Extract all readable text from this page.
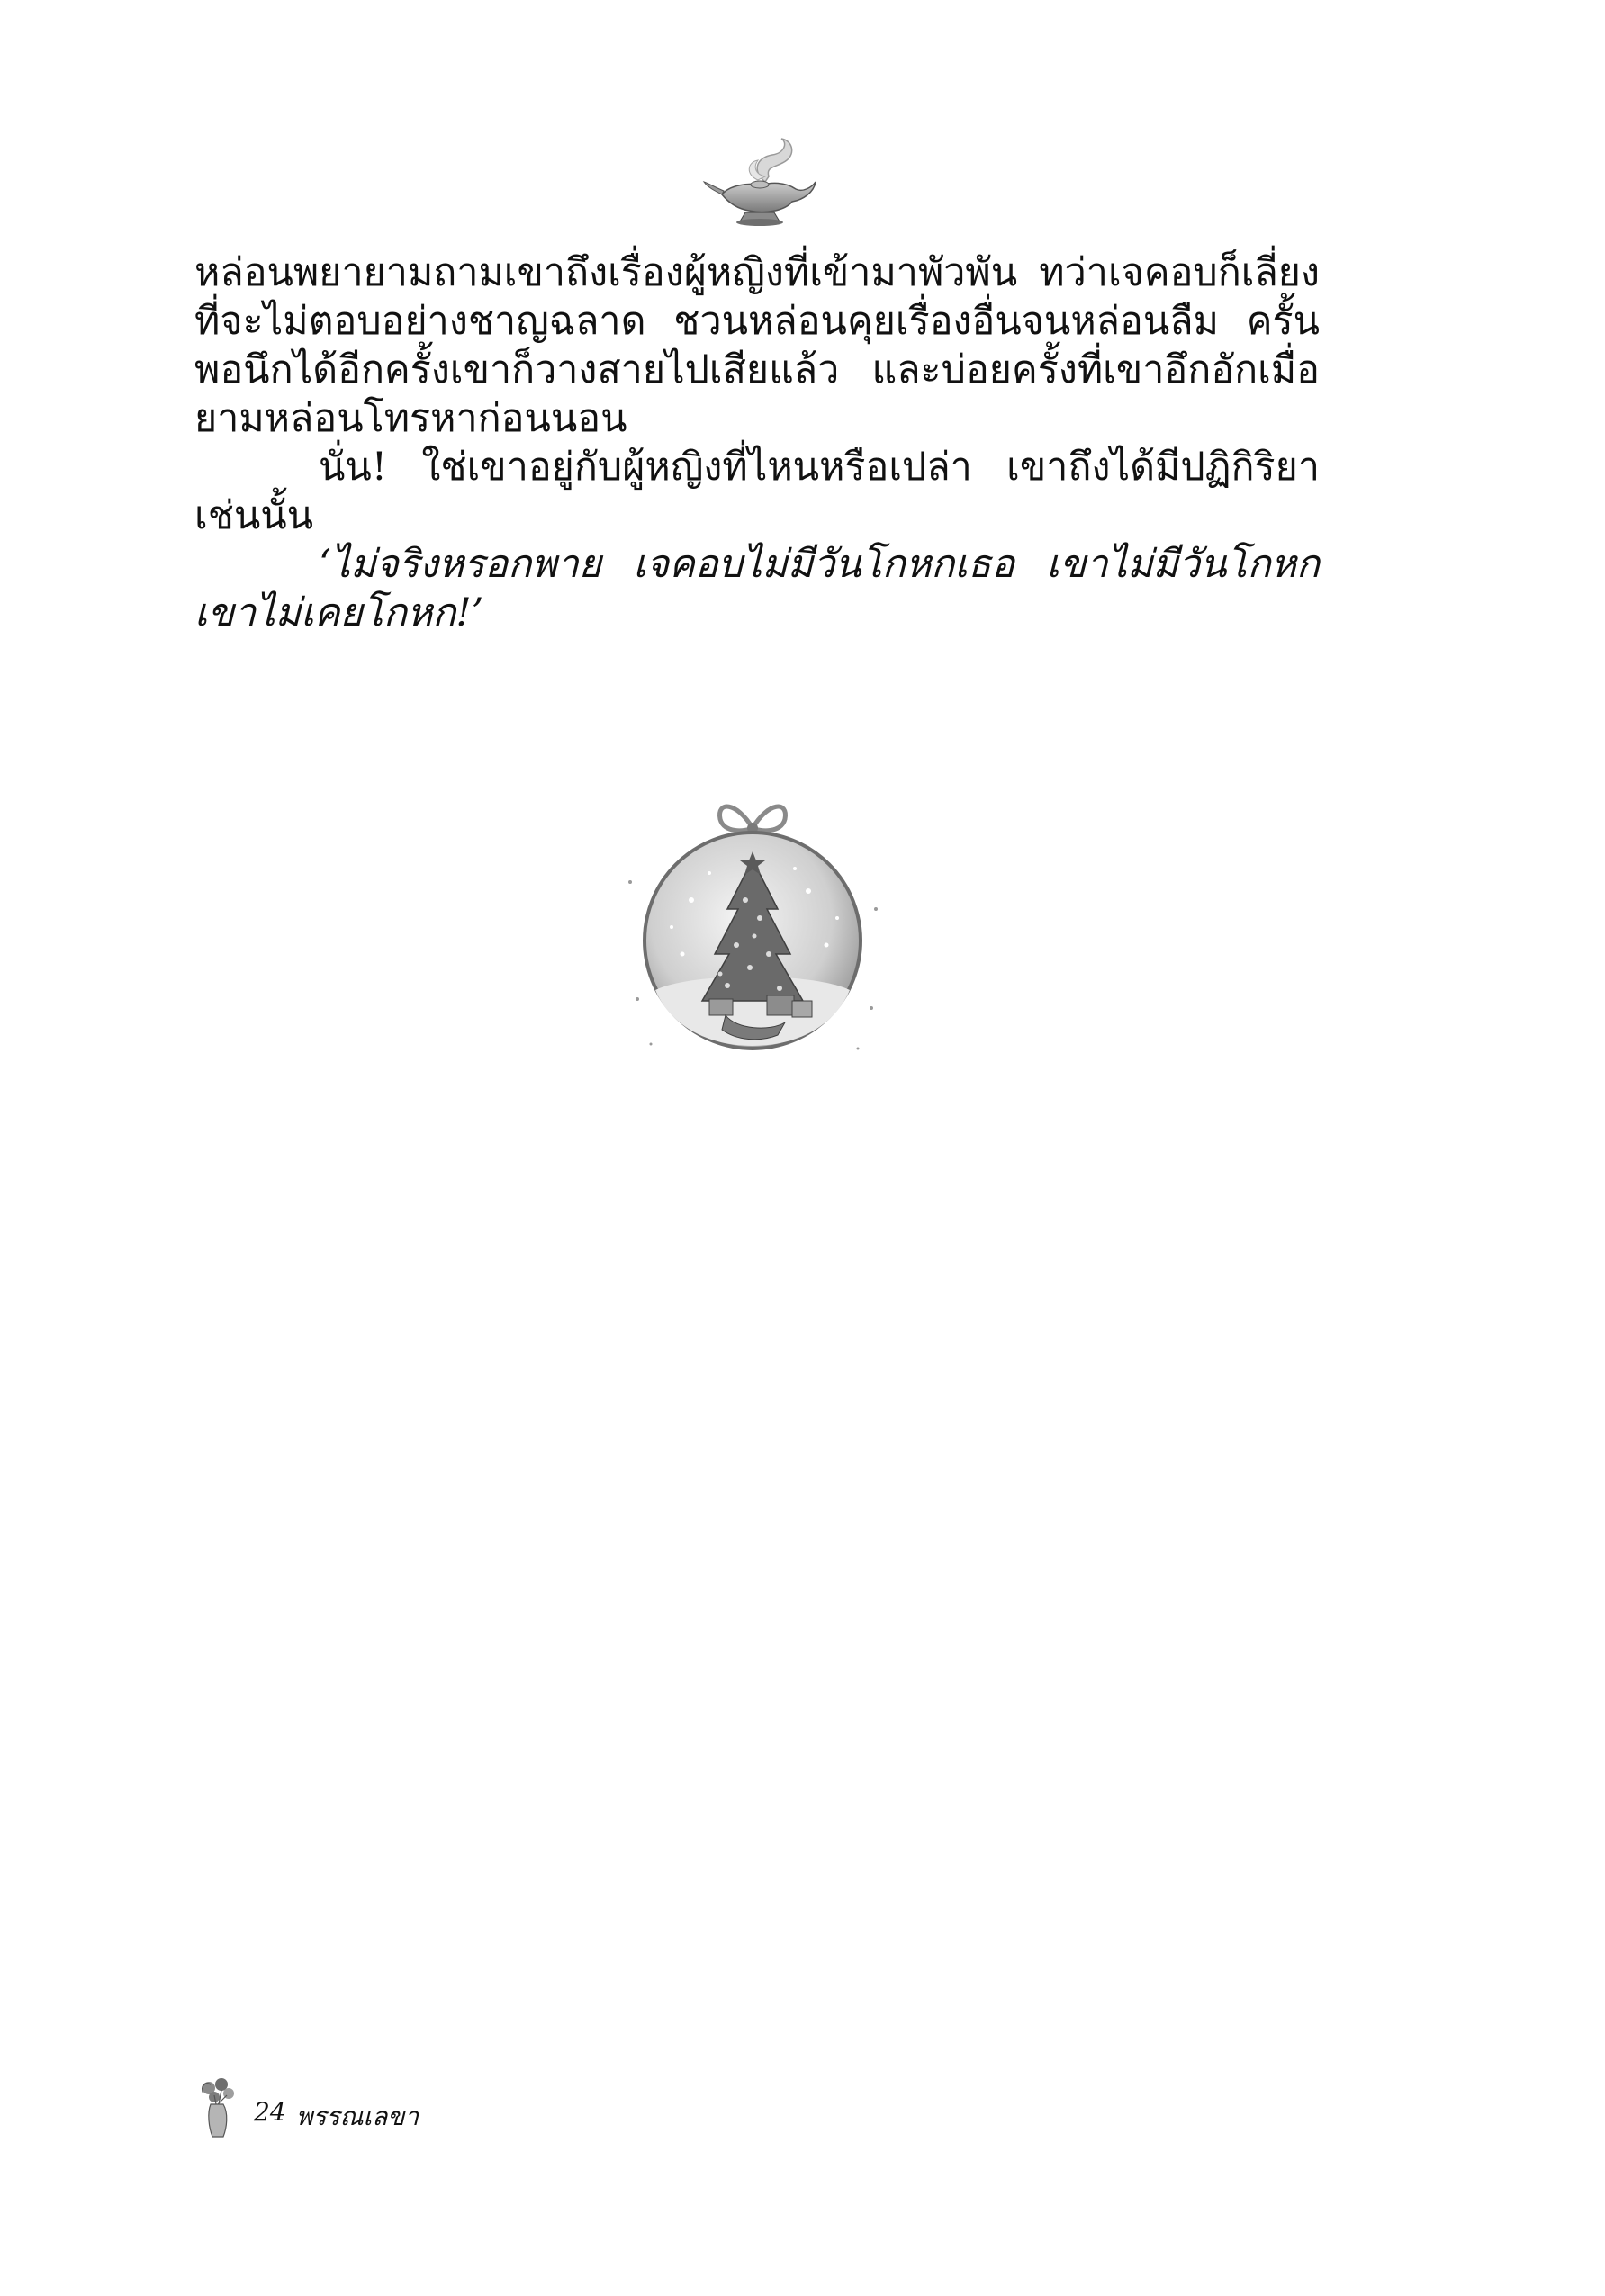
หล่อนพยายามถามเขาถึงเรื่องผู้หญิงที่เข้ามาพัวพัน ทว่าเจคอบก็เลี่ยง
ที่จะไม่ตอบอย่างชาญฉลาด ชวนหล่อนคุยเรื่องอื่นจนหล่อนลืม ครั้น
พอนึกได้อีกครั้งเขาก็วางสายไปเสียแล้ว และบ่อยครั้งที่เขาอึกอักเมื่อ
ยามหล่อนโทรหาก่อนนอน
นั่น! ใช่เขาอยู่กับผู้หญิงที่ไหนหรือเปล่า เขาถึงได้มีปฏิกิริยา
เช่นนั้น
‘ไม่จริงหรอกพาย เจคอบไม่มีวันโกหกเธอ เขาไม่มีวันโกหก
เขาไม่เคยโกหก!’
24 พรรณเลขา
